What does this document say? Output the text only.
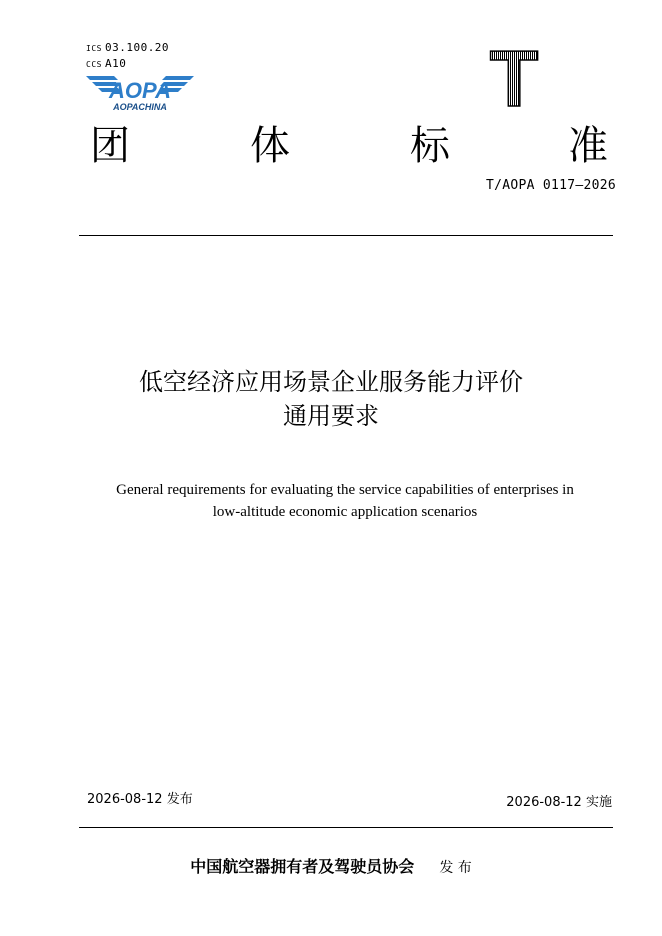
ICS 03.100.20
CCS A10
AOPA
AOPACHINA	T
团	体	标	准
T/AOPA 0117—2026
低空经济应用场景企业服务能力评价
通用要求
General requirements for evaluating the service capabilities of enterprises in
low-altitude economic application scenarios
2026-08-12 发布	2026-08-12 实施
中国航空器拥有者及驾驶员协会 发 布
